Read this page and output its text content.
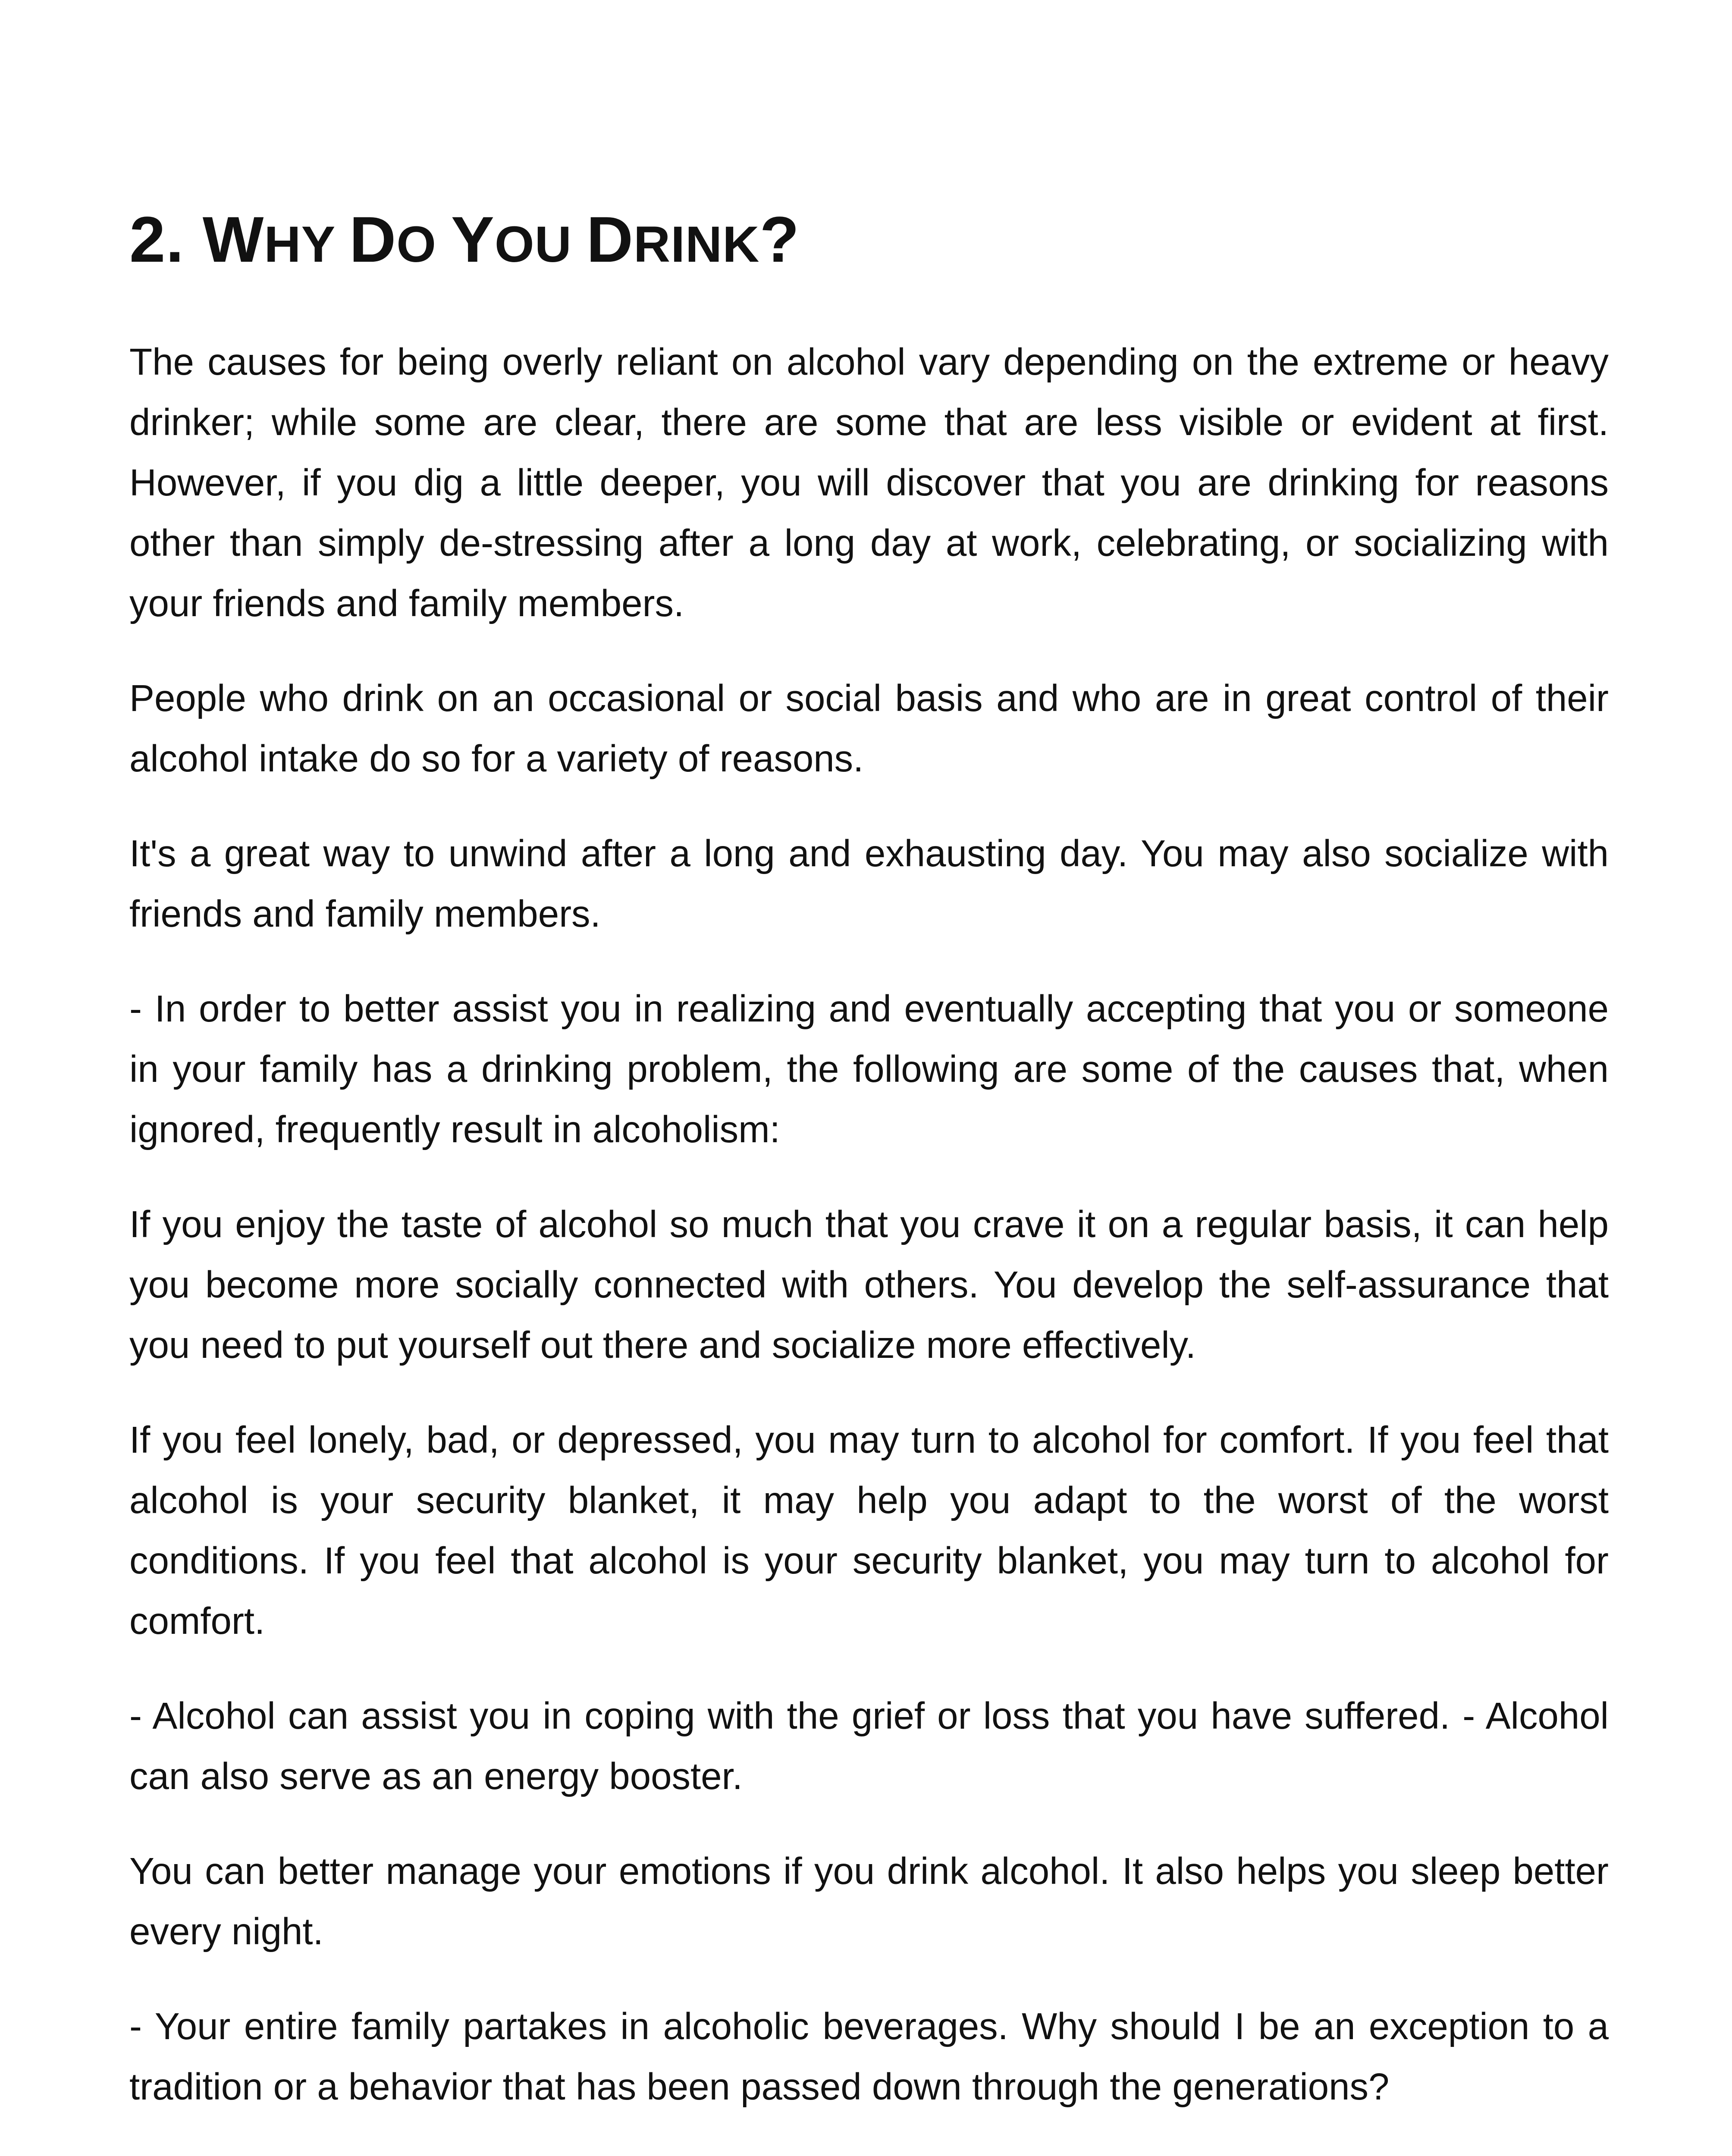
2. WHY DO YOU DRINK?

The causes for being overly reliant on alcohol vary depending on the extreme or heavy drinker; while some are clear, there are some that are less visible or evident at first. However, if you dig a little deeper, you will discover that you are drinking for reasons other than simply de-stressing after a long day at work, celebrating, or socializing with your friends and family members.

People who drink on an occasional or social basis and who are in great control of their alcohol intake do so for a variety of reasons.

It's a great way to unwind after a long and exhausting day. You may also socialize with friends and family members.

- In order to better assist you in realizing and eventually accepting that you or someone in your family has a drinking problem, the following are some of the causes that, when ignored, frequently result in alcoholism:

If you enjoy the taste of alcohol so much that you crave it on a regular basis, it can help you become more socially connected with others. You develop the self-assurance that you need to put yourself out there and socialize more effectively.

If you feel lonely, bad, or depressed, you may turn to alcohol for comfort. If you feel that alcohol is your security blanket, it may help you adapt to the worst of the worst conditions. If you feel that alcohol is your security blanket, you may turn to alcohol for comfort.

- Alcohol can assist you in coping with the grief or loss that you have suffered. - Alcohol can also serve as an energy booster.

You can better manage your emotions if you drink alcohol. It also helps you sleep better every night.

- Your entire family partakes in alcoholic beverages. Why should I be an exception to a tradition or a behavior that has been passed down through the generations?
